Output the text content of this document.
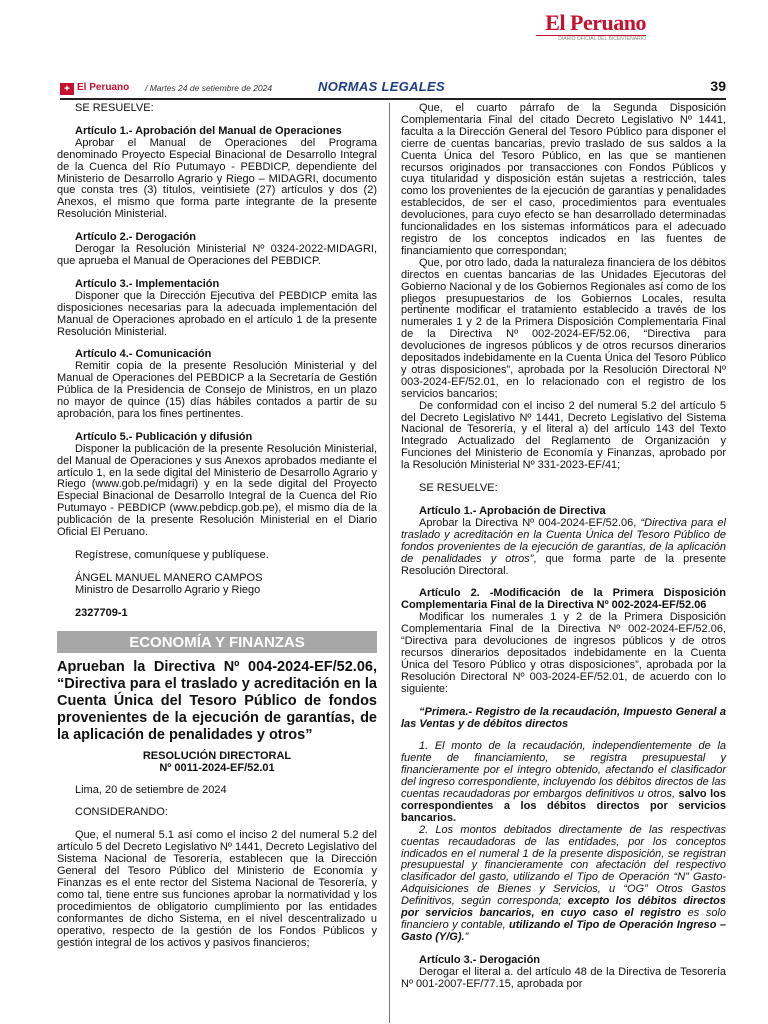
El Peruano
DIARIO OFICIAL DEL BICENTENARIO
✦ El Peruano / Martes 24 de setiembre de 2024	NORMAS LEGALES	39

SE RESUELVE:

Artículo 1.- Aprobación del Manual de Operaciones

Aprobar el Manual de Operaciones del Programa denominado Proyecto Especial Binacional de Desarrollo Integral de la Cuenca del Río Putumayo - PEBDICP, dependiente del Ministerio de Desarrollo Agrario y Riego – MIDAGRI, documento que consta tres (3) títulos, veintisiete (27) artículos y dos (2) Anexos, el mismo que forma parte integrante de la presente Resolución Ministerial.

Artículo 2.- Derogación

Derogar la Resolución Ministerial Nº 0324-2022-MIDAGRI, que aprueba el Manual de Operaciones del PEBDICP.

Artículo 3.- Implementación

Disponer que la Dirección Ejecutiva del PEBDICP emita las disposiciones necesarias para la adecuada implementación del Manual de Operaciones aprobado en el artículo 1 de la presente Resolución Ministerial.

Artículo 4.- Comunicación

Remitir copia de la presente Resolución Ministerial y del Manual de Operaciones del PEBDICP a la Secretaría de Gestión Pública de la Presidencia de Consejo de Ministros, en un plazo no mayor de quince (15) días hábiles contados a partir de su aprobación, para los fines pertinentes.

Artículo 5.- Publicación y difusión

Disponer la publicación de la presente Resolución Ministerial, del Manual de Operaciones y sus Anexos aprobados mediante el artículo 1, en la sede digital del Ministerio de Desarrollo Agrario y Riego (www.gob.pe/midagri) y en la sede digital del Proyecto Especial Binacional de Desarrollo Integral de la Cuenca del Río Putumayo - PEBDICP (www.pebdicp.gob.pe), el mismo día de la publicación de la presente Resolución Ministerial en el Diario Oficial El Peruano.

Regístrese, comuníquese y publíquese.

ÁNGEL MANUEL MANERO CAMPOS

Ministro de Desarrollo Agrario y Riego

2327709-1

ECONOMÍA Y FINANZAS

Aprueban la Directiva Nº 004-2024-EF/52.06, “Directiva para el traslado y acreditación en la Cuenta Única del Tesoro Público de fondos provenientes de la ejecución de garantías, de la aplicación de penalidades y otros”

RESOLUCIÓN DIRECTORAL

Nº 0011-2024-EF/52.01

Lima, 20 de setiembre de 2024

CONSIDERANDO:

Que, el numeral 5.1 así como el inciso 2 del numeral 5.2 del artículo 5 del Decreto Legislativo Nº 1441, Decreto Legislativo del Sistema Nacional de Tesorería, establecen que la Dirección General del Tesoro Público del Ministerio de Economía y Finanzas es el ente rector del Sistema Nacional de Tesorería, y como tal, tiene entre sus funciones aprobar la normatividad y los procedimientos de obligatorio cumplimiento por las entidades conformantes de dicho Sistema, en el nivel descentralizado u operativo, respecto de la gestión de los Fondos Públicos y gestión integral de los activos y pasivos financieros;

Que, el cuarto párrafo de la Segunda Disposición Complementaria Final del citado Decreto Legislativo Nº 1441, faculta a la Dirección General del Tesoro Público para disponer el cierre de cuentas bancarias, previo traslado de sus saldos a la Cuenta Única del Tesoro Público, en las que se mantienen recursos originados por transacciones con Fondos Públicos y cuya titularidad y disposición están sujetas a restricción, tales como los provenientes de la ejecución de garantías y penalidades establecidos, de ser el caso, procedimientos para eventuales devoluciones, para cuyo efecto se han desarrollado determinadas funcionalidades en los sistemas informáticos para el adecuado registro de los conceptos indicados en las fuentes de financiamiento que correspondan;

Que, por otro lado, dada la naturaleza financiera de los débitos directos en cuentas bancarias de las Unidades Ejecutoras del Gobierno Nacional y de los Gobiernos Regionales así como de los pliegos presupuestarios de los Gobiernos Locales, resulta pertinente modificar el tratamiento establecido a través de los numerales 1 y 2 de la Primera Disposición Complementaria Final de la Directiva Nº 002-2024-EF/52.06, “Directiva para devoluciones de ingresos públicos y de otros recursos dinerarios depositados indebidamente en la Cuenta Única del Tesoro Público y otras disposiciones”, aprobada por la Resolución Directoral Nº 003-2024-EF/52.01, en lo relacionado con el registro de los servicios bancarios;

De conformidad con el inciso 2 del numeral 5.2 del artículo 5 del Decreto Legislativo Nº 1441, Decreto Legislativo del Sistema Nacional de Tesorería, y el literal a) del artículo 143 del Texto Integrado Actualizado del Reglamento de Organización y Funciones del Ministerio de Economía y Finanzas, aprobado por la Resolución Ministerial Nº 331-2023-EF/41;

SE RESUELVE:

Artículo 1.- Aprobación de Directiva

Aprobar la Directiva Nº 004-2024-EF/52.06, “Directiva para el traslado y acreditación en la Cuenta Única del Tesoro Público de fondos provenientes de la ejecución de garantías, de la aplicación de penalidades y otros”, que forma parte de la presente Resolución Directoral.

Artículo 2. -Modificación de la Primera Disposición Complementaria Final de la Directiva Nº 002-2024-EF/52.06

Modificar los numerales 1 y 2 de la Primera Disposición Complementaria Final de la Directiva Nº 002-2024-EF/52.06, “Directiva para devoluciones de ingresos públicos y de otros recursos dinerarios depositados indebidamente en la Cuenta Única del Tesoro Público y otras disposiciones”, aprobada por la Resolución Directoral Nº 003-2024-EF/52.01, de acuerdo con lo siguiente:

“Primera.- Registro de la recaudación, Impuesto General a las Ventas y de débitos directos

1. El monto de la recaudación, independientemente de la fuente de financiamiento, se registra presupuestal y financieramente por el íntegro obtenido, afectando el clasificador del ingreso correspondiente, incluyendo los débitos directos de las cuentas recaudadoras por embargos definitivos u otros, salvo los correspondientes a los débitos directos por servicios bancarios.

2. Los montos debitados directamente de las respectivas cuentas recaudadoras de las entidades, por los conceptos indicados en el numeral 1 de la presente disposición, se registran presupuestal y financieramente con afectación del respectivo clasificador del gasto, utilizando el Tipo de Operación “N” Gasto-Adquisiciones de Bienes y Servicios, u “OG” Otros Gastos Definitivos, según corresponda; excepto los débitos directos por servicios bancarios, en cuyo caso el registro es solo financiero y contable, utilizando el Tipo de Operación Ingreso – Gasto (Y/G).”

Artículo 3.- Derogación

Derogar el literal a. del artículo 48 de la Directiva de Tesorería Nº 001-2007-EF/77.15, aprobada por
